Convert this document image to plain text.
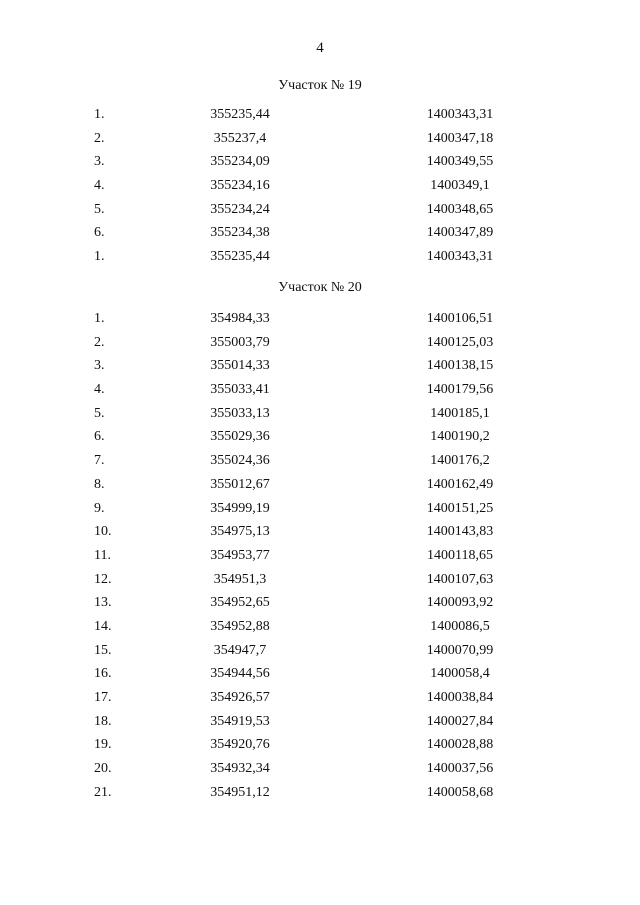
4
Участок № 19
1.	355235,44	1400343,31
2.	355237,4	1400347,18
3.	355234,09	1400349,55
4.	355234,16	1400349,1
5.	355234,24	1400348,65
6.	355234,38	1400347,89
1.	355235,44	1400343,31
Участок № 20
1.	354984,33	1400106,51
2.	355003,79	1400125,03
3.	355014,33	1400138,15
4.	355033,41	1400179,56
5.	355033,13	1400185,1
6.	355029,36	1400190,2
7.	355024,36	1400176,2
8.	355012,67	1400162,49
9.	354999,19	1400151,25
10.	354975,13	1400143,83
11.	354953,77	1400118,65
12.	354951,3	1400107,63
13.	354952,65	1400093,92
14.	354952,88	1400086,5
15.	354947,7	1400070,99
16.	354944,56	1400058,4
17.	354926,57	1400038,84
18.	354919,53	1400027,84
19.	354920,76	1400028,88
20.	354932,34	1400037,56
21.	354951,12	1400058,68
